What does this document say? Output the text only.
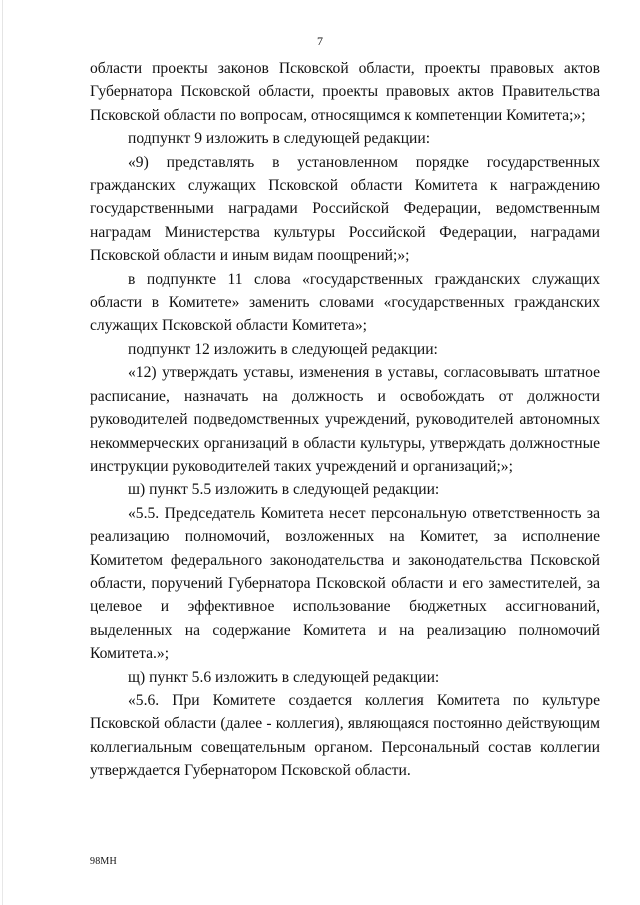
7

области проекты законов Псковской области, проекты правовых актов Губернатора Псковской области, проекты правовых актов Правительства Псковской области по вопросам, относящимся к компетенции Комитета;»;

подпункт 9 изложить в следующей редакции:

«9) представлять в установленном порядке государственных гражданских служащих Псковской области Комитета к награждению государственными наградами Российской Федерации, ведомственным наградам Министерства культуры Российской Федерации, наградами Псковской области и иным видам поощрений;»;

в подпункте 11 слова «государственных гражданских служащих области в Комитете» заменить словами «государственных гражданских служащих Псковской области Комитета»;

подпункт 12 изложить в следующей редакции:

«12) утверждать уставы, изменения в уставы, согласовывать штатное расписание, назначать на должность и освобождать от должности руководителей подведомственных учреждений, руководителей автономных некоммерческих организаций в области культуры, утверждать должностные инструкции руководителей таких учреждений и организаций;»;

ш) пункт 5.5 изложить в следующей редакции:

«5.5. Председатель Комитета несет персональную ответственность за реализацию полномочий, возложенных на Комитет, за исполнение Комитетом федерального законодательства и законодательства Псковской области, поручений Губернатора Псковской области и его заместителей, за целевое и эффективное использование бюджетных ассигнований, выделенных на содержание Комитета и на реализацию полномочий Комитета.»;

щ) пункт 5.6 изложить в следующей редакции:

«5.6. При Комитете создается коллегия Комитета по культуре Псковской области (далее - коллегия), являющаяся постоянно действующим коллегиальным совещательным органом. Персональный состав коллегии утверждается Губернатором Псковской области.

98МН
